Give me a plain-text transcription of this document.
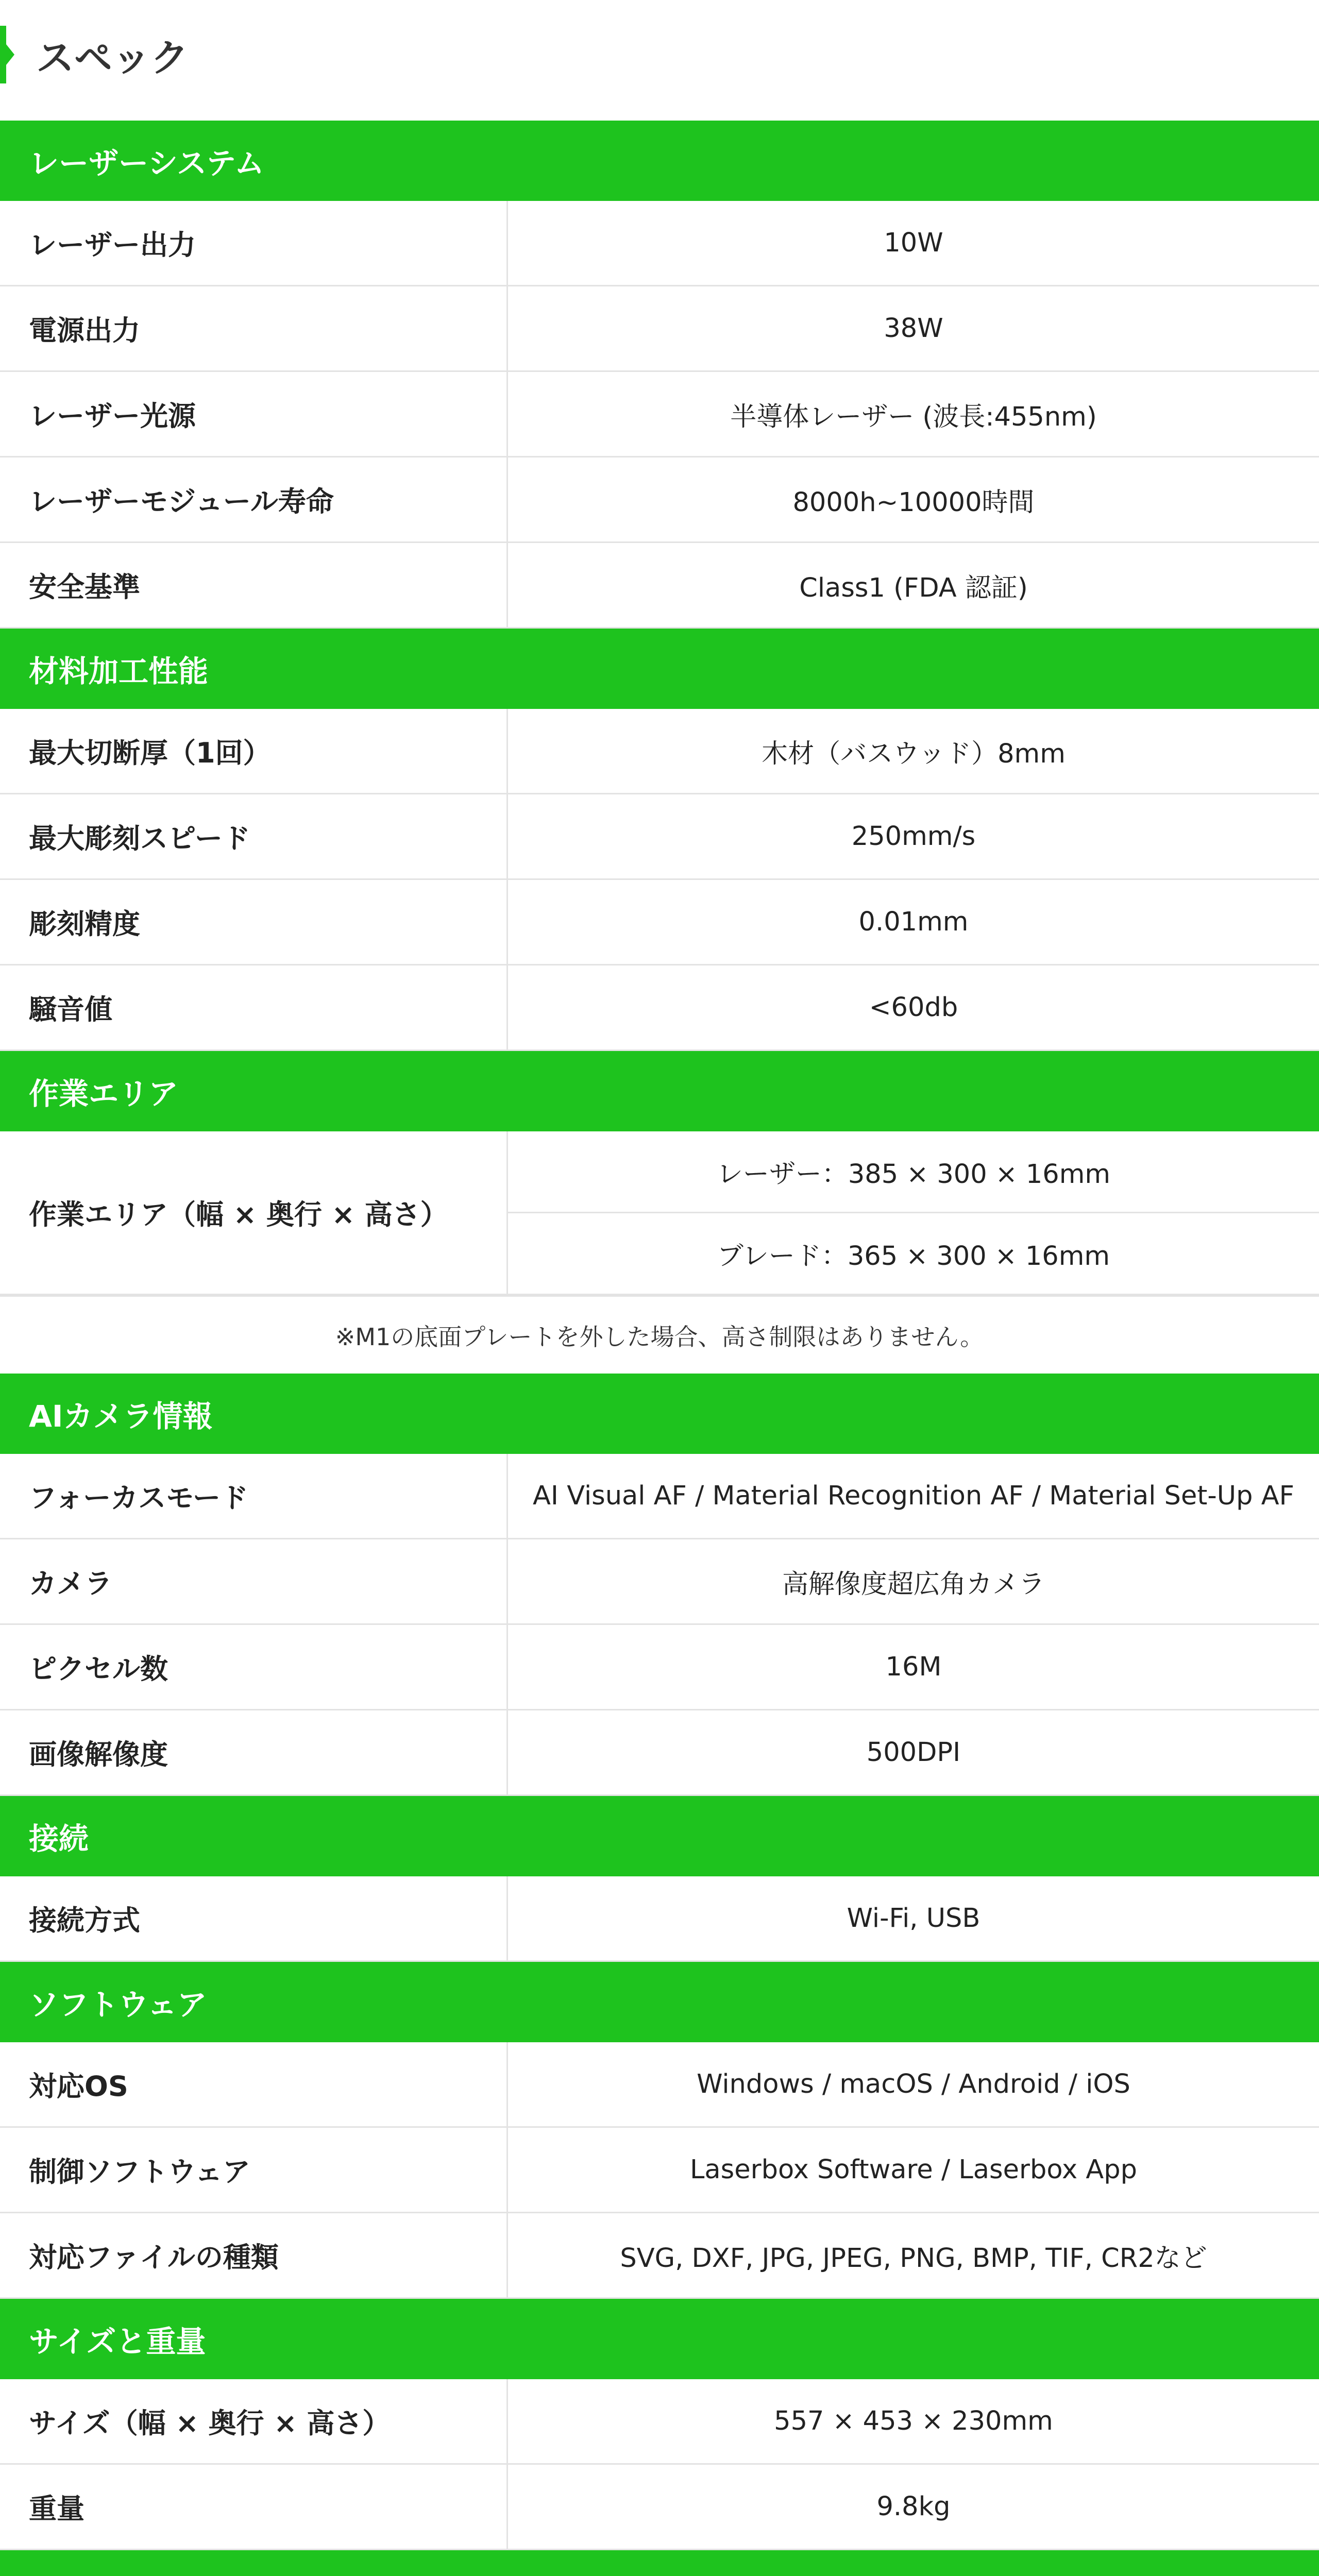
スペック
レーザーシステム
レーザー出力	10W
電源出力	38W
レーザー光源	半導体レーザー (波長:455nm)
レーザーモジュール寿命	8000h~10000時間
安全基準	Class1 (FDA 認証)
材料加工性能
最大切断厚（1回）	木材（バスウッド）8mm
最大彫刻スピード	250mm/s
彫刻精度	0.01mm
騒音値	<60db
作業エリア
作業エリア（幅 × 奥行 × 高さ）
レーザー：385 × 300 × 16mm
ブレード：365 × 300 × 16mm
※M1の底面プレートを外した場合、高さ制限はありません。
AIカメラ情報
フォーカスモード	AI Visual AF / Material Recognition AF / Material Set-Up AF
カメラ	高解像度超広角カメラ
ピクセル数	16M
画像解像度	500DPI
接続
接続方式	Wi-Fi, USB
ソフトウェア
対応OS	Windows / macOS / Android / iOS
制御ソフトウェア	Laserbox Software / Laserbox App
対応ファイルの種類	SVG, DXF, JPG, JPEG, PNG, BMP, TIF, CR2など
サイズと重量
サイズ（幅 × 奥行 × 高さ）	557 × 453 × 230mm
重量	9.8kg
